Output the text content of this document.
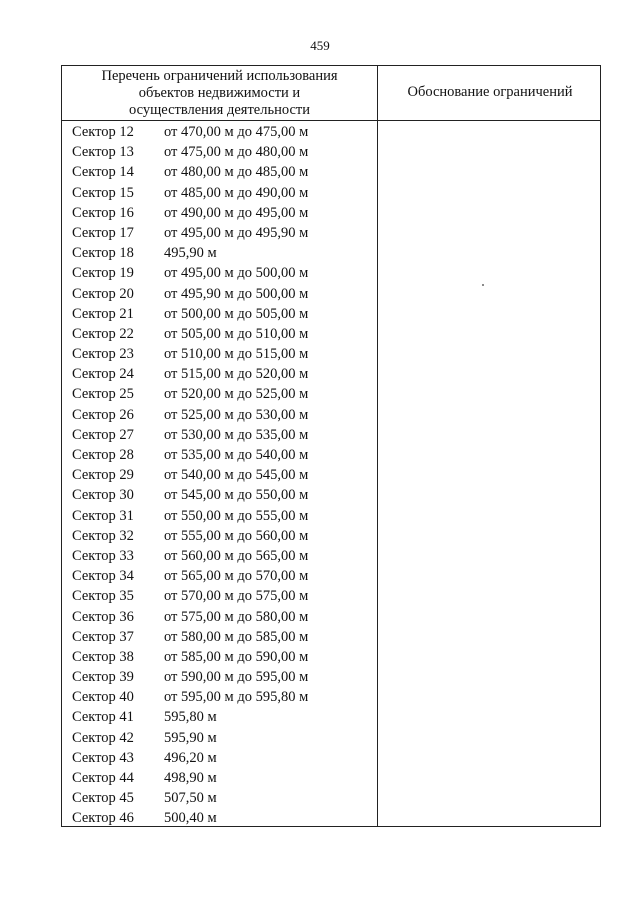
459
Перечень ограничений использования
объектов недвижимости и
осуществления деятельности
Обоснование ограничений
Сектор 12 от 470,00 м до 475,00 м
Сектор 13 от 475,00 м до 480,00 м
Сектор 14 от 480,00 м до 485,00 м
Сектор 15 от 485,00 м до 490,00 м
Сектор 16 от 490,00 м до 495,00 м
Сектор 17 от 495,00 м до 495,90 м
Сектор 18 495,90 м
Сектор 19 от 495,00 м до 500,00 м
Сектор 20 от 495,90 м до 500,00 м
Сектор 21 от 500,00 м до 505,00 м
Сектор 22 от 505,00 м до 510,00 м
Сектор 23 от 510,00 м до 515,00 м
Сектор 24 от 515,00 м до 520,00 м
Сектор 25 от 520,00 м до 525,00 м
Сектор 26 от 525,00 м до 530,00 м
Сектор 27 от 530,00 м до 535,00 м
Сектор 28 от 535,00 м до 540,00 м
Сектор 29 от 540,00 м до 545,00 м
Сектор 30 от 545,00 м до 550,00 м
Сектор 31 от 550,00 м до 555,00 м
Сектор 32 от 555,00 м до 560,00 м
Сектор 33 от 560,00 м до 565,00 м
Сектор 34 от 565,00 м до 570,00 м
Сектор 35 от 570,00 м до 575,00 м
Сектор 36 от 575,00 м до 580,00 м
Сектор 37 от 580,00 м до 585,00 м
Сектор 38 от 585,00 м до 590,00 м
Сектор 39 от 590,00 м до 595,00 м
Сектор 40 от 595,00 м до 595,80 м
Сектор 41 595,80 м
Сектор 42 595,90 м
Сектор 43 496,20 м
Сектор 44 498,90 м
Сектор 45 507,50 м
Сектор 46 500,40 м
